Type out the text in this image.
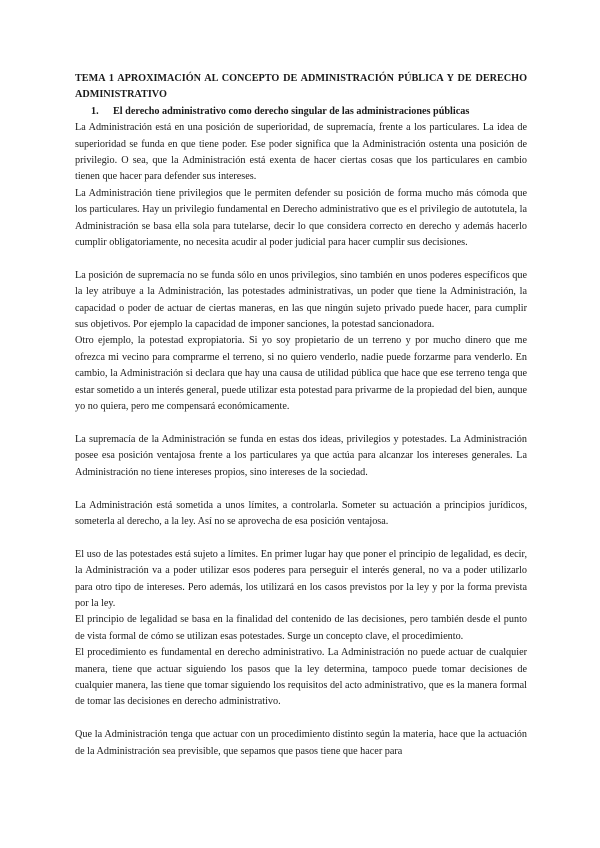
TEMA 1 APROXIMACIÓN AL CONCEPTO DE ADMINISTRACIÓN PÚBLICA Y DE DERECHO ADMINISTRATIVO

1. El derecho administrativo como derecho singular de las administraciones públicas

La Administración está en una posición de superioridad, de supremacía, frente a los particulares. La idea de superioridad se funda en que tiene poder. Ese poder significa que la Administración ostenta una posición de privilegio. O sea, que la Administración está exenta de hacer ciertas cosas que los particulares en cambio tienen que hacer para defender sus intereses.

La Administración tiene privilegios que le permiten defender su posición de forma mucho más cómoda que los particulares. Hay un privilegio fundamental en Derecho administrativo que es el privilegio de autotutela, la Administración se basa ella sola para tutelarse, decir lo que considera correcto en derecho y además hacerlo cumplir obligatoriamente, no necesita acudir al poder judicial para hacer cumplir sus decisiones.

La posición de supremacía no se funda sólo en unos privilegios, sino también en unos poderes específicos que la ley atribuye a la Administración, las potestades administrativas, un poder que tiene la Administración, la capacidad o poder de actuar de ciertas maneras, en las que ningún sujeto privado puede hacer, para cumplir sus objetivos. Por ejemplo la capacidad de imponer sanciones, la potestad sancionadora.

Otro ejemplo, la potestad expropiatoria. Si yo soy propietario de un terreno y por mucho dinero que me ofrezca mi vecino para comprarme el terreno, si no quiero venderlo, nadie puede forzarme para venderlo. En cambio, la Administración si declara que hay una causa de utilidad pública que hace que ese terreno tenga que estar sometido a un interés general, puede utilizar esta potestad para privarme de la propiedad del bien, aunque yo no quiera, pero me compensará económicamente.

La supremacía de la Administración se funda en estas dos ideas, privilegios y potestades. La Administración posee esa posición ventajosa frente a los particulares ya que actúa para alcanzar los intereses generales. La Administración no tiene intereses propios, sino intereses de la sociedad.

La Administración está sometida a unos límites, a controlarla. Someter su actuación a principios jurídicos, someterla al derecho, a la ley. Así no se aprovecha de esa posición ventajosa.

El uso de las potestades está sujeto a límites. En primer lugar hay que poner el principio de legalidad, es decir, la Administración va a poder utilizar esos poderes para perseguir el interés general, no va a poder utilizarlo para otro tipo de intereses. Pero además, los utilizará en los casos previstos por la ley y por la forma prevista por la ley.

El principio de legalidad se basa en la finalidad del contenido de las decisiones, pero también desde el punto de vista formal de cómo se utilizan esas potestades. Surge un concepto clave, el procedimiento.

El procedimiento es fundamental en derecho administrativo. La Administración no puede actuar de cualquier manera, tiene que actuar siguiendo los pasos que la ley determina, tampoco puede tomar decisiones de cualquier manera, las tiene que tomar siguiendo los requisitos del acto administrativo, que es la manera formal de tomar las decisiones en derecho administrativo.

Que la Administración tenga que actuar con un procedimiento distinto según la materia, hace que la actuación de la Administración sea previsible, que sepamos que pasos tiene que hacer para
